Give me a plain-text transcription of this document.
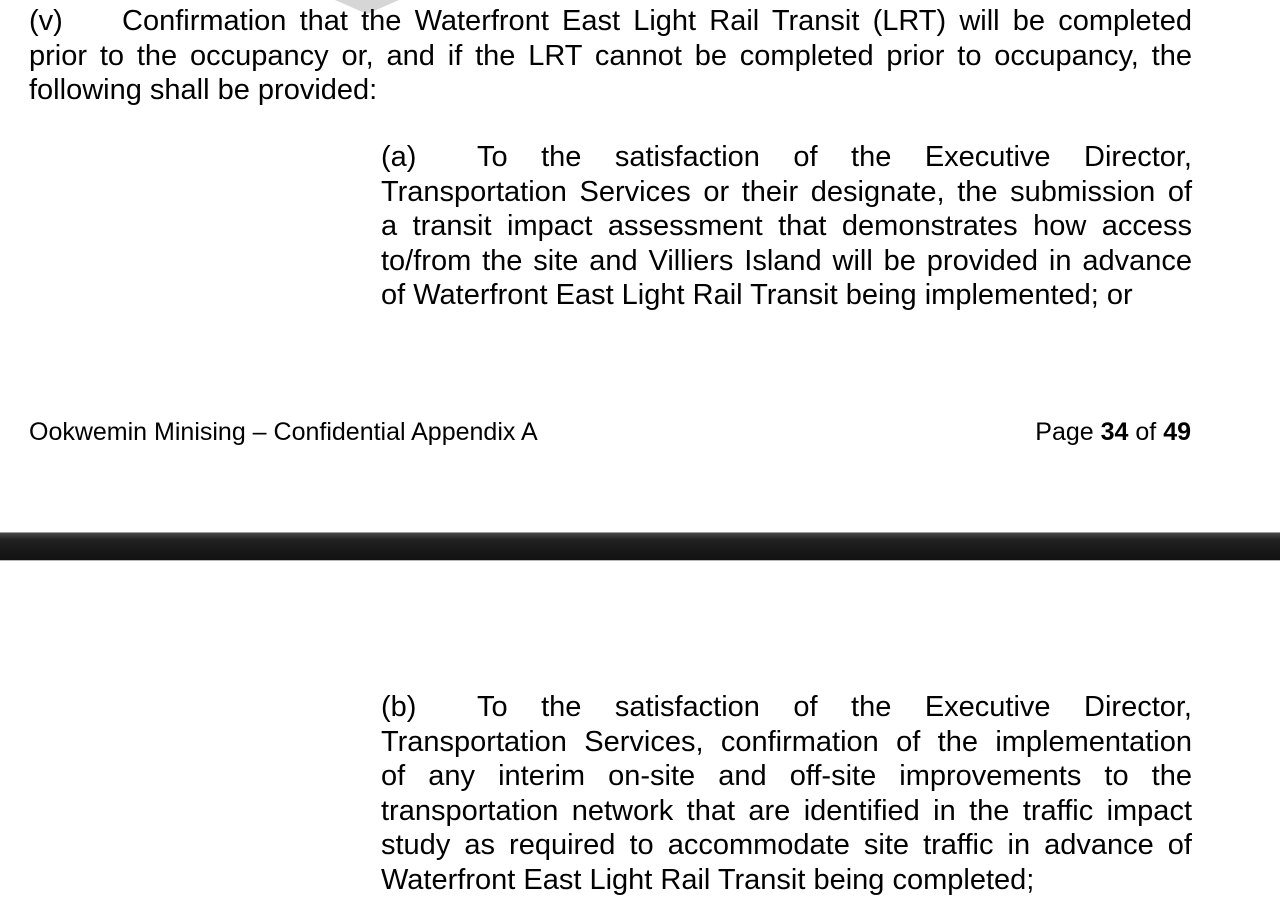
(v)	Confirmation that the Waterfront East Light Rail Transit (LRT) will be completed
prior to the occupancy or, and if the LRT cannot be completed prior to occupancy, the
following shall be provided:
(a)	To the satisfaction of the Executive Director,
Transportation Services or their designate, the submission of
a transit impact assessment that demonstrates how access
to/from the site and Villiers Island will be provided in advance
of Waterfront East Light Rail Transit being implemented; or
Ookwemin Minising – Confidential Appendix A	Page 34 of 49
(b)	To the satisfaction of the Executive Director,
Transportation Services, confirmation of the implementation
of any interim on-site and off-site improvements to the
transportation network that are identified in the traffic impact
study as required to accommodate site traffic in advance of
Waterfront East Light Rail Transit being completed;
